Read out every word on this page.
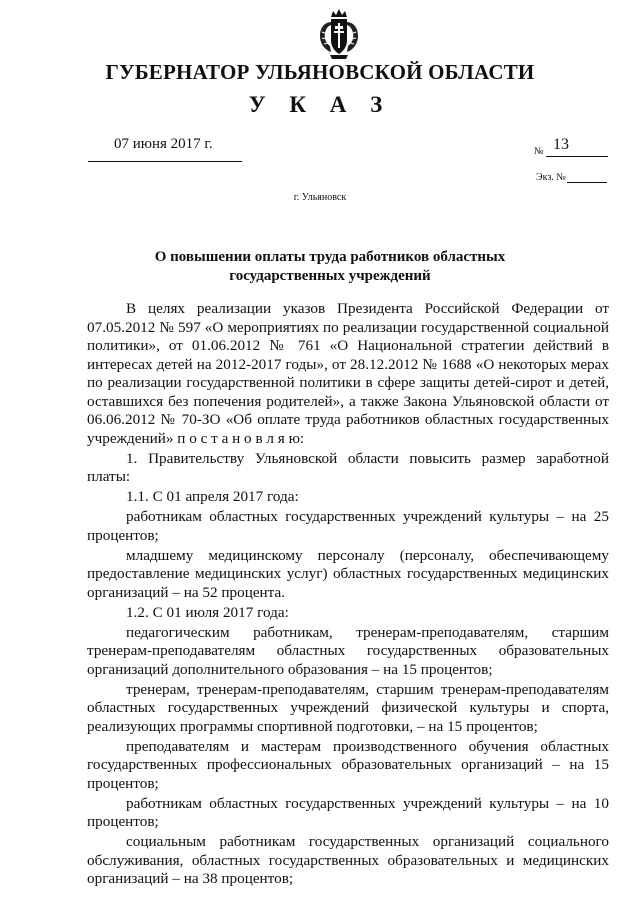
ГУБЕРНАТОР УЛЬЯНОВСКОЙ ОБЛАСТИ
У К А З
07 июня 2017 г.	№ 13
Экз. №
г. Ульяновск
О повышении оплаты труда работников областных
государственных учреждений

В целях реализации указов Президента Российской Федерации от 07.05.2012 № 597 «О мероприятиях по реализации государственной социальной политики», от 01.06.2012 № 761 «О Национальной стратегии действий в интересах детей на 2012-2017 годы», от 28.12.2012 № 1688 «О некоторых мерах по реализации государственной политики в сфере защиты детей-сирот и детей, оставшихся без попечения родителей», а также Закона Ульяновской области от 06.06.2012 № 70-ЗО «Об оплате труда работников областных государственных учреждений» п о с т а н о в л я ю:

1. Правительству Ульяновской области повысить размер заработной платы:

1.1. С 01 апреля 2017 года:

работникам областных государственных учреждений культуры – на 25 процентов;

младшему медицинскому персоналу (персоналу, обеспечивающему предоставление медицинских услуг) областных государственных медицинских организаций – на 52 процента.

1.2. С 01 июля 2017 года:

педагогическим работникам, тренерам-преподавателям, старшим тренерам-преподавателям областных государственных образовательных организаций дополнительного образования – на 15 процентов;

тренерам, тренерам-преподавателям, старшим тренерам-преподавателям областных государственных учреждений физической культуры и спорта, реализующих программы спортивной подготовки, – на 15 процентов;

преподавателям и мастерам производственного обучения областных государственных профессиональных образовательных организаций – на 15 процентов;

работникам областных государственных учреждений культуры – на 10 процентов;

социальным работникам государственных организаций социального обслуживания, областных государственных образовательных и медицинских организаций – на 38 процентов;
